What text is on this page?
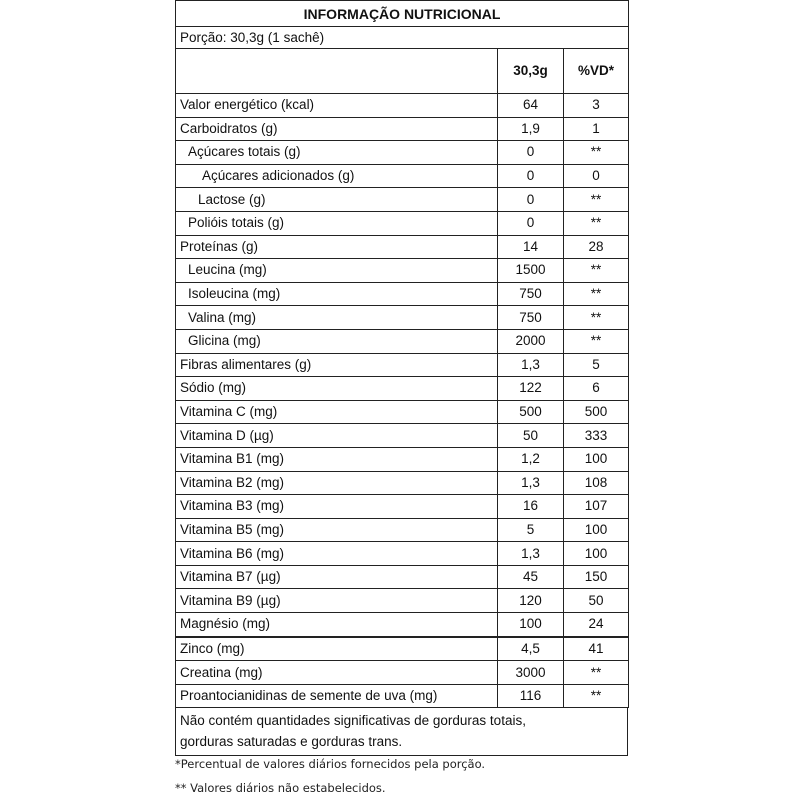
INFORMAÇÃO NUTRICIONAL		
Porção: 30,3g (1 sachê)		
	30,3g	%VD*
Valor energético (kcal)	64	3
Carboidratos (g)	1,9	1
Açúcares totais (g)	0	**
Açúcares adicionados (g)	0	0
Lactose (g)	0	**
Polióis totais (g)	0	**
Proteínas (g)	14	28
Leucina (mg)	1500	**
Isoleucina (mg)	750	**
Valina (mg)	750	**
Glicina (mg)	2000	**
Fibras alimentares (g)	1,3	5
Sódio (mg)	122	6
Vitamina C (mg)	500	500
Vitamina D (µg)	50	333
Vitamina B1 (mg)	1,2	100
Vitamina B2 (mg)	1,3	108
Vitamina B3 (mg)	16	107
Vitamina B5 (mg)	5	100
Vitamina B6 (mg)	1,3	100
Vitamina B7 (µg)	45	150
Vitamina B9 (µg)	120	50
Magnésio (mg)	100	24
Zinco (mg)	4,5	41
Creatina (mg)	3000	**
Proantocianidinas de semente de uva (mg)	116	**
Não contém quantidades significativas de gorduras totais,
gorduras saturadas e gorduras trans.
*Percentual de valores diários fornecidos pela porção.
** Valores diários não estabelecidos.
